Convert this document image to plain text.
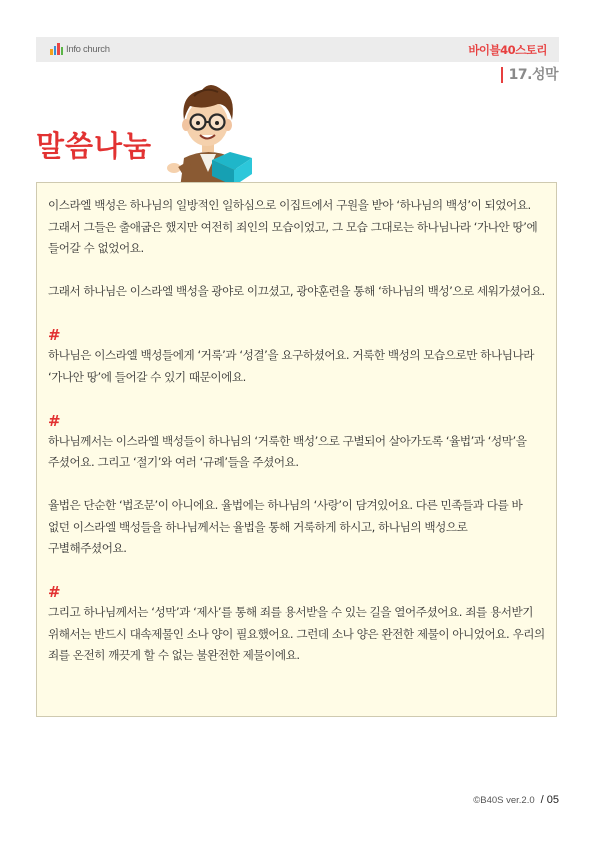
Info church	바이블40스토리
17.성막
말씀나눔

이스라엘 백성은 하나님의 일방적인 일하심으로 이집트에서 구원을 받아 ‘하나님의 백성’이 되었어요. 그래서 그들은 출애굽은 했지만 여전히 죄인의 모습이었고, 그 모습 그대로는 하나님나라 ‘가나안 땅’에 들어갈 수 없었어요.

그래서 하나님은 이스라엘 백성을 광야로 이끄셨고, 광야훈련을 통해 ‘하나님의 백성’으로 세워가셨어요.

#

하나님은 이스라엘 백성들에게 ‘거룩’과 ‘성결’을 요구하셨어요. 거룩한 백성의 모습으로만 하나님나라 ‘가나안 땅’에 들어갈 수 있기 때문이에요.

#

하나님께서는 이스라엘 백성들이 하나님의 ‘거룩한 백성’으로 구별되어 살아가도록 ‘율법’과 ‘성막’을 주셨어요. 그리고 ‘절기’와 여러 ‘규례’들을 주셨어요.

율법은 단순한 ‘법조문’이 아니에요. 율법에는 하나님의 ‘사랑’이 담겨있어요. 다른 민족들과 다를 바 없던 이스라엘 백성들을 하나님께서는 율법을 통해 거룩하게 하시고, 하나님의 백성으로 구별해주셨어요.

#

그리고 하나님께서는 ‘성막’과 ‘제사’를 통해 죄를 용서받을 수 있는 길을 열어주셨어요. 죄를 용서받기 위해서는 반드시 대속제물인 소나 양이 필요했어요. 그런데 소나 양은 완전한 제물이 아니었어요. 우리의 죄를 온전히 깨끗게 할 수 없는 불완전한 제물이에요.

©B40S ver.2.0 / 05
